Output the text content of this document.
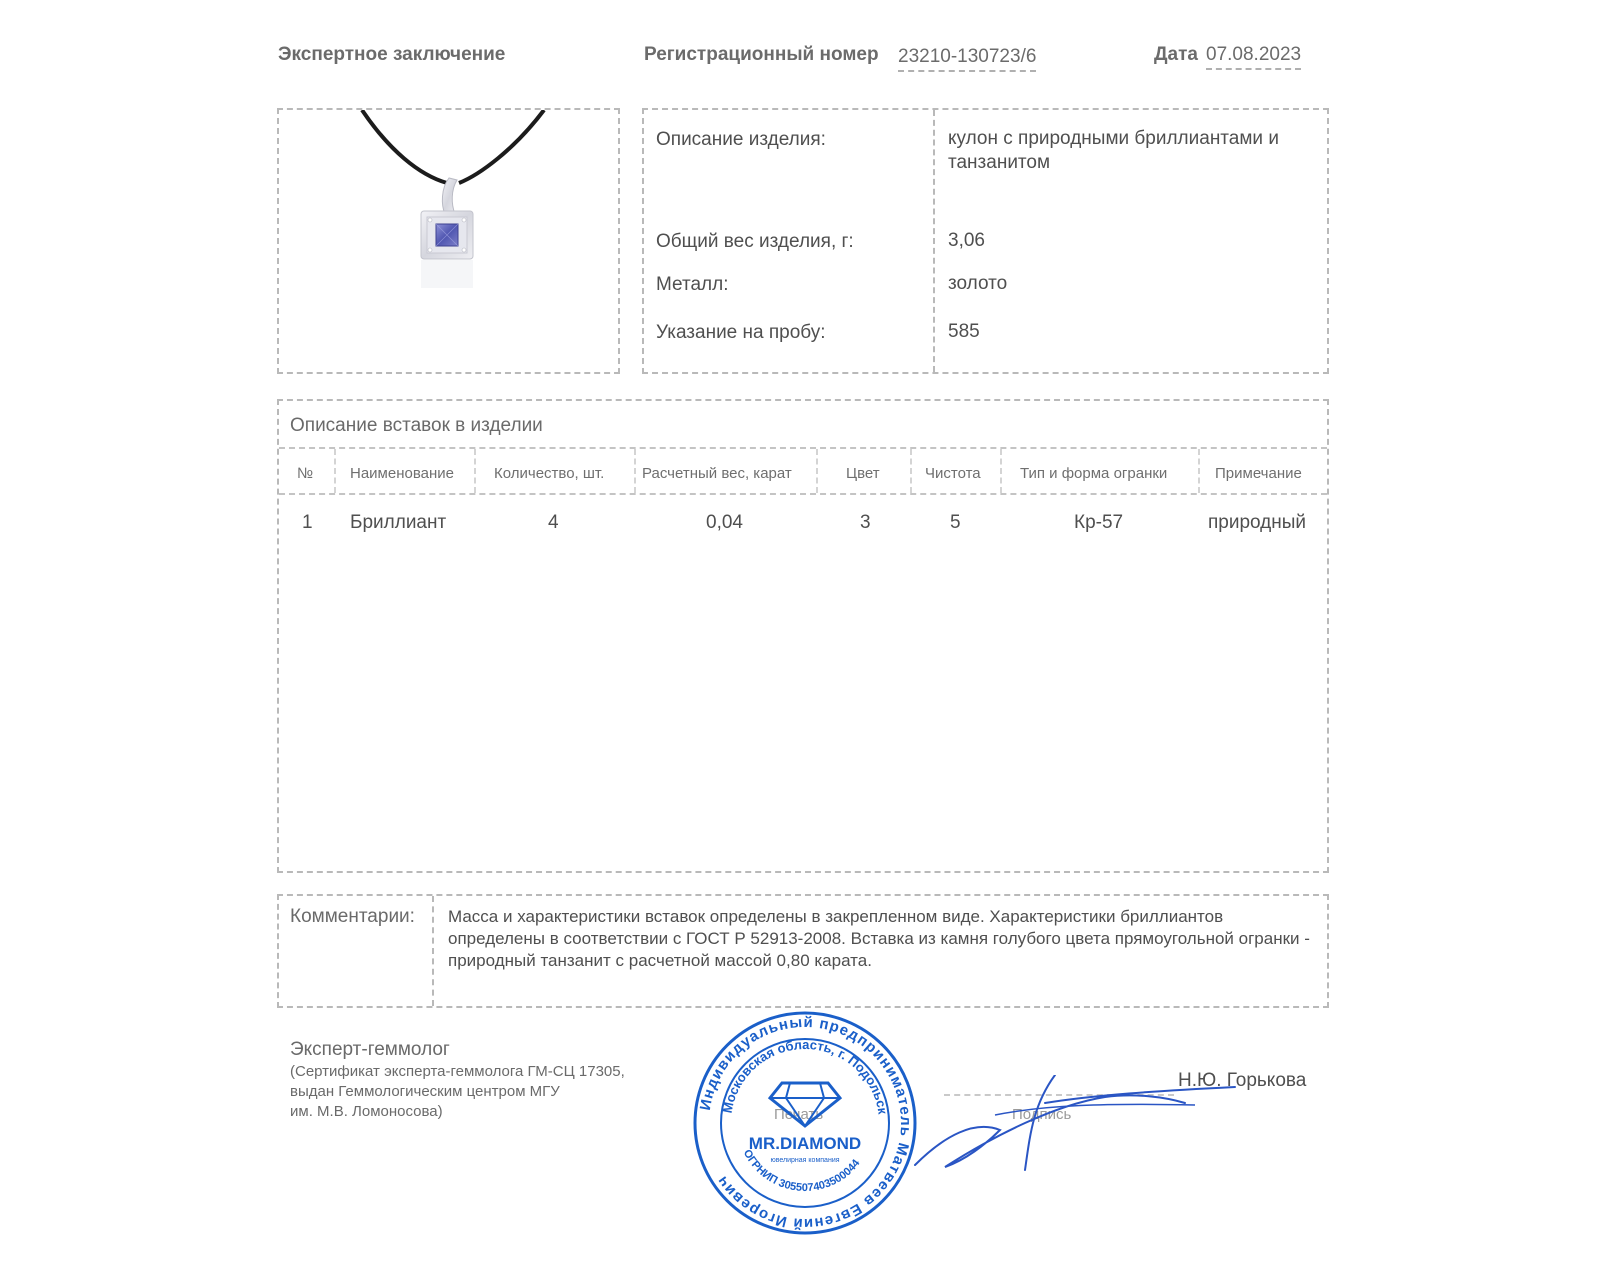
Экспертное заключение	Регистрационный номер 23210-130723/6	Дата 07.08.2023
Описание изделия:	кулон с природными бриллиантами и танзанитом
Общий вес изделия, г:	3,06
Металл:	золото
Указание на пробу:	585
Описание вставок в изделии
№ Наименование	Количество, шт.	Расчетный вес, карат	Цвет	Чистота	Тип и форма огранки	Примечание
1 Бриллиант	4	0,04	3	5	Кр-57	природный
Комментарии: Масса и характеристики вставок определены в закрепленном виде. Характеристики бриллиантов определены в соответствии с ГОСТ Р 52913-2008. Вставка из камня голубого цвета прямоугольной огранки - природный танзанит с расчетной массой 0,80 карата.
Эксперт-геммолог
(Сертификат эксперта-геммолога ГМ-СЦ 17305,
выдан Геммологическим центром МГУ
им. М.В. Ломоносова)	Печать	Подпись
Н.Ю. Горькова
Индивидуальный предприниматель Матвеев Евгений Игоревич
Московская область, г. Подольск
ОГРНИП 305507403500044
MR.DIAMOND
ювелирная компания
